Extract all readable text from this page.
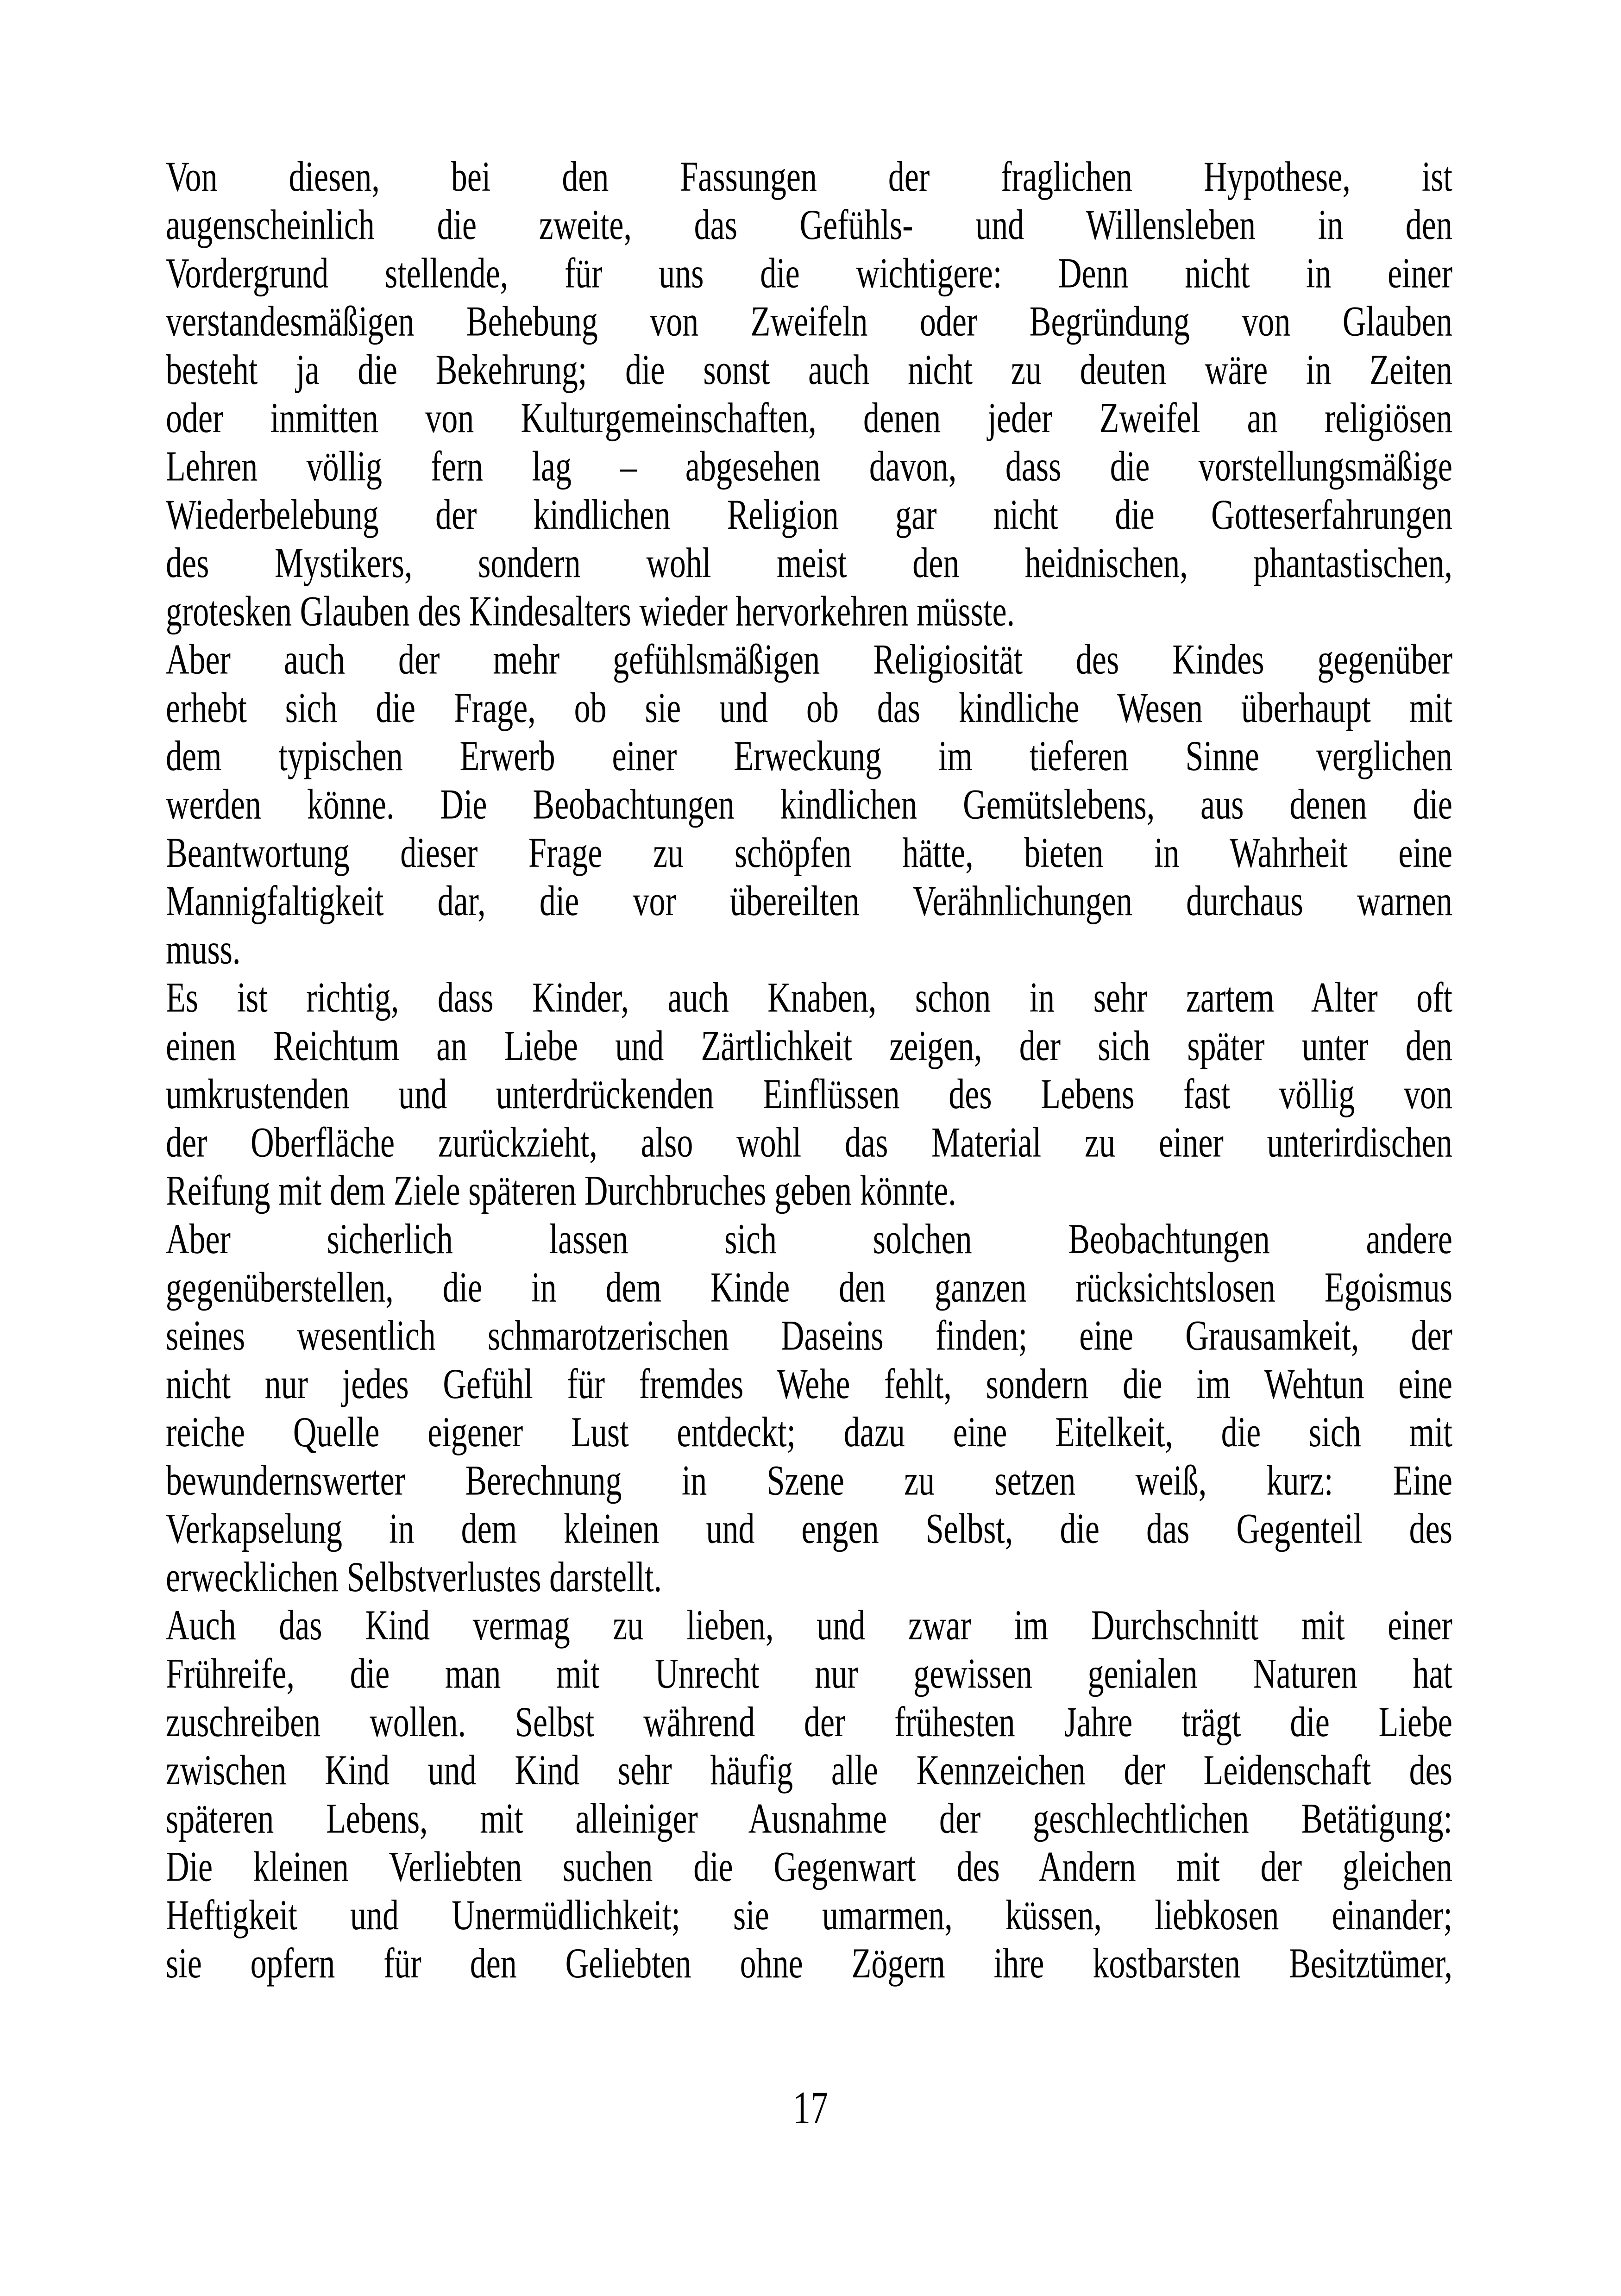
Von diesen, bei den Fassungen der fraglichen Hypothese, ist
augenscheinlich die zweite, das Gefühls- und Willensleben in den
Vordergrund stellende, für uns die wichtigere: Denn nicht in einer
verstandesmäßigen Behebung von Zweifeln oder Begründung von Glauben
besteht ja die Bekehrung; die sonst auch nicht zu deuten wäre in Zeiten
oder inmitten von Kulturgemeinschaften, denen jeder Zweifel an religiösen
Lehren völlig fern lag – abgesehen davon, dass die vorstellungsmäßige
Wiederbelebung der kindlichen Religion gar nicht die Gotteserfahrungen
des Mystikers, sondern wohl meist den heidnischen, phantastischen,
grotesken Glauben des Kindesalters wieder hervorkehren müsste.

Aber auch der mehr gefühlsmäßigen Religiosität des Kindes gegenüber
erhebt sich die Frage, ob sie und ob das kindliche Wesen überhaupt mit
dem typischen Erwerb einer Erweckung im tieferen Sinne verglichen
werden könne. Die Beobachtungen kindlichen Gemütslebens, aus denen die
Beantwortung dieser Frage zu schöpfen hätte, bieten in Wahrheit eine
Mannigfaltigkeit dar, die vor übereilten Verähnlichungen durchaus warnen
muss.

Es ist richtig, dass Kinder, auch Knaben, schon in sehr zartem Alter oft
einen Reichtum an Liebe und Zärtlichkeit zeigen, der sich später unter den
umkrustenden und unterdrückenden Einflüssen des Lebens fast völlig von
der Oberfläche zurückzieht, also wohl das Material zu einer unterirdischen
Reifung mit dem Ziele späteren Durchbruches geben könnte.

Aber sicherlich lassen sich solchen Beobachtungen andere
gegenüberstellen, die in dem Kinde den ganzen rücksichtslosen Egoismus
seines wesentlich schmarotzerischen Daseins finden; eine Grausamkeit, der
nicht nur jedes Gefühl für fremdes Wehe fehlt, sondern die im Wehtun eine
reiche Quelle eigener Lust entdeckt; dazu eine Eitelkeit, die sich mit
bewundernswerter Berechnung in Szene zu setzen weiß, kurz: Eine
Verkapselung in dem kleinen und engen Selbst, die das Gegenteil des
erwecklichen Selbstverlustes darstellt.

Auch das Kind vermag zu lieben, und zwar im Durchschnitt mit einer
Frühreife, die man mit Unrecht nur gewissen genialen Naturen hat
zuschreiben wollen. Selbst während der frühesten Jahre trägt die Liebe
zwischen Kind und Kind sehr häufig alle Kennzeichen der Leidenschaft des
späteren Lebens, mit alleiniger Ausnahme der geschlechtlichen Betätigung:

Die kleinen Verliebten suchen die Gegenwart des Andern mit der gleichen
Heftigkeit und Unermüdlichkeit; sie umarmen, küssen, liebkosen einander;
sie opfern für den Geliebten ohne Zögern ihre kostbarsten Besitztümer,

17
